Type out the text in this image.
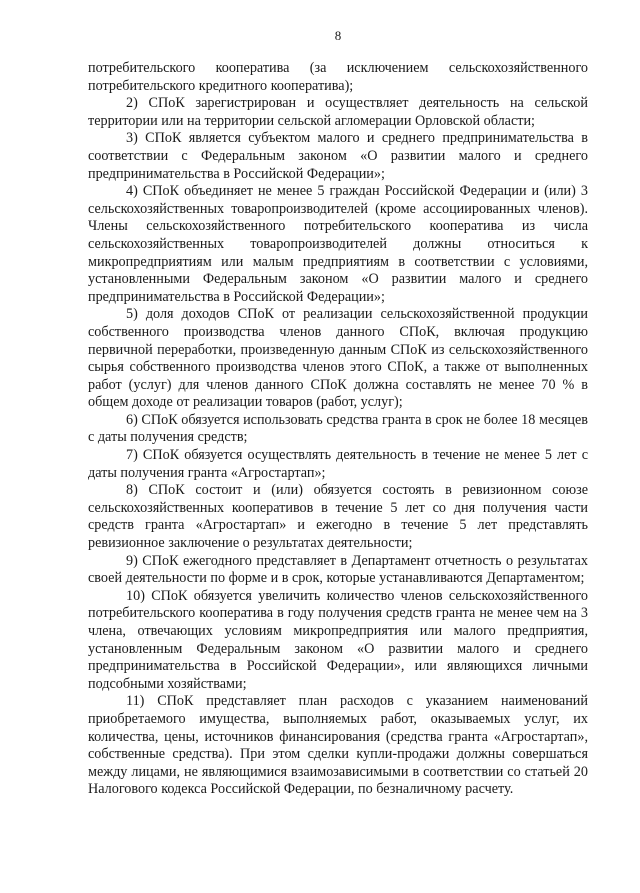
8

потребительского кооператива (за исключением сельскохозяйственного потребительского кредитного кооператива);

2) СПоК зарегистрирован и осуществляет деятельность на сельской территории или на территории сельской агломерации Орловской области;

3) СПоК является субъектом малого и среднего предпринимательства в соответствии с Федеральным законом «О развитии малого и среднего предпринимательства в Российской Федерации»;

4) СПоК объединяет не менее 5 граждан Российской Федерации и (или) 3 сельскохозяйственных товаропроизводителей (кроме ассоциированных членов). Члены сельскохозяйственного потребительского кооператива из числа сельскохозяйственных товаропроизводителей должны относиться к микропредприятиям или малым предприятиям в соответствии с условиями, установленными Федеральным законом «О развитии малого и среднего предпринимательства в Российской Федерации»;

5) доля доходов СПоК от реализации сельскохозяйственной продукции собственного производства членов данного СПоК, включая продукцию первичной переработки, произведенную данным СПоК из сельскохозяйственного сырья собственного производства членов этого СПоК, а также от выполненных работ (услуг) для членов данного СПоК должна составлять не менее 70 % в общем доходе от реализации товаров (работ, услуг);

6) СПоК обязуется использовать средства гранта в срок не более 18 месяцев с даты получения средств;

7) СПоК обязуется осуществлять деятельность в течение не менее 5 лет с даты получения гранта «Агростартап»;

8) СПоК состоит и (или) обязуется состоять в ревизионном союзе сельскохозяйственных кооперативов в течение 5 лет со дня получения части средств гранта «Агростартап» и ежегодно в течение 5 лет представлять ревизионное заключение о результатах деятельности;

9) СПоК ежегодного представляет в Департамент отчетность о результатах своей деятельности по форме и в срок, которые устанавливаются Департаментом;

10) СПоК обязуется увеличить количество членов сельскохозяйственного потребительского кооператива в году получения средств гранта не менее чем на 3 члена, отвечающих условиям микропредприятия или малого предприятия, установленным Федеральным законом «О развитии малого и среднего предпринимательства в Российской Федерации», или являющихся личными подсобными хозяйствами;

11) СПоК представляет план расходов с указанием наименований приобретаемого имущества, выполняемых работ, оказываемых услуг, их количества, цены, источников финансирования (средства гранта «Агростартап», собственные средства). При этом сделки купли-продажи должны совершаться между лицами, не являющимися взаимозависимыми в соответствии со статьей 20 Налогового кодекса Российской Федерации, по безналичному расчету.
